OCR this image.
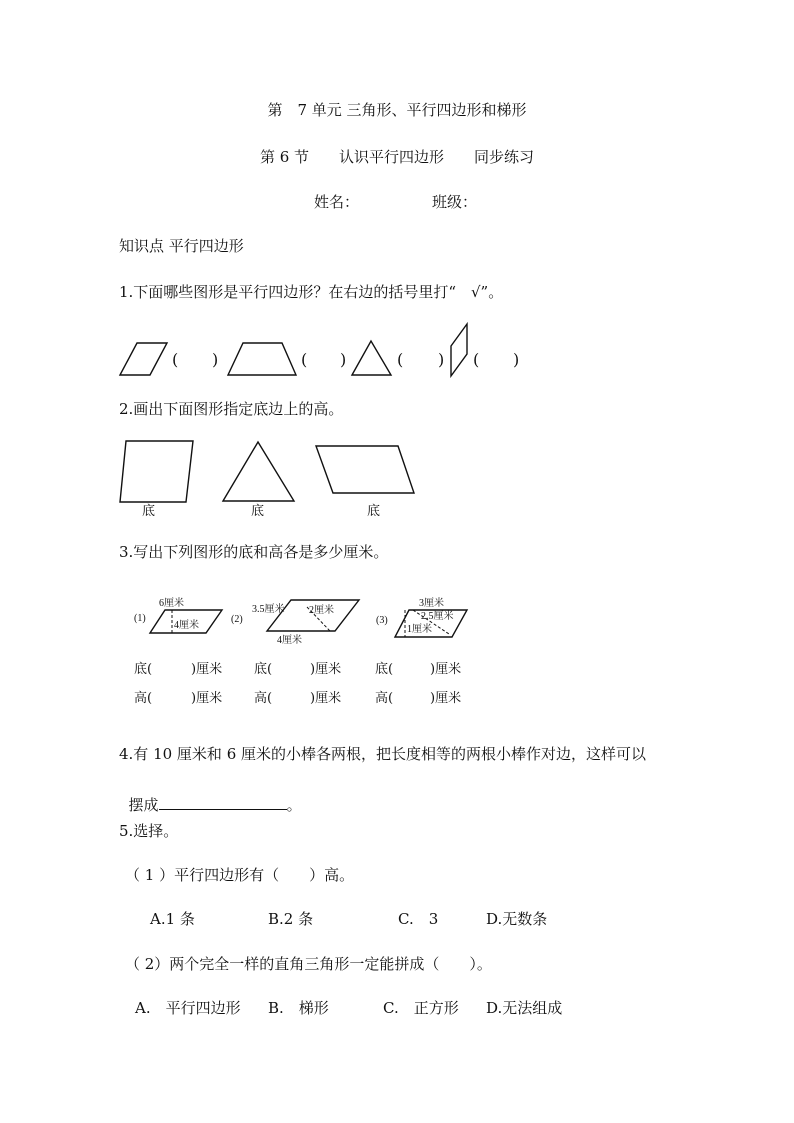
第　7 单元 三角形、平行四边形和梯形
第 6 节　　认识平行四边形　　同步练习
姓名：	班级：
知识点 平行四边形
1.下面哪些图形是平行四边形？在右边的括号里打“　√”。
( )	( )	( ) ( )
2.画出下面图形指定底边上的高。
底	底	底
3.写出下列图形的底和高各是多少厘米。
(1)
6厘米
4厘米
(2)
3.5厘米 2厘米
4厘米
(3)
3厘米
2.5厘米
1厘米
底(	)厘米 底(	)厘米	底(	)厘米
高(	)厘米 高(	)厘米	高(	)厘米
4.有 10 厘米和 6 厘米的小棒各两根，把长度相等的两根小棒作对边，这样可以

摆成	。

5.选择。
（ 1 ）平行四边形有（　　）高。
A.1 条	B.2 条	C.　3	D.无数条
（ 2）两个完全一样的直角三角形一定能拼成（　　）。
A.　平行四边形 B.　梯形	C.　正方形 D.无法组成
